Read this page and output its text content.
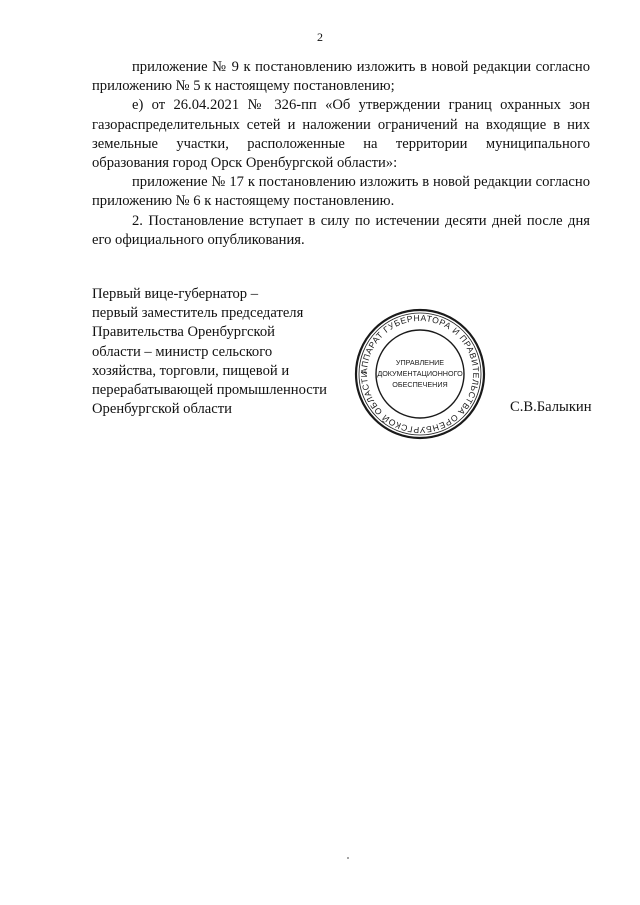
2

приложение № 9 к постановлению изложить в новой редакции согласно приложению № 5 к настоящему постановлению;

е) от 26.04.2021 № 326-пп «Об утверждении границ охранных зон газораспределительных сетей и наложении ограничений на входящие в них земельные участки, расположенные на территории муниципального образования город Орск Оренбургской области»:

приложение № 17 к постановлению изложить в новой редакции согласно приложению № 6 к настоящему постановлению.

2. Постановление вступает в силу по истечении десяти дней после дня его официального опубликования.

Первый вице-губернатор –
первый заместитель председателя
Правительства Оренбургской
области – министр сельского
хозяйства, торговли, пищевой и
перерабатывающей промышленности
Оренбургской области
АППАРАТ ГУБЕРНАТОРА И ПРАВИТЕЛЬСТВА ОРЕНБУРГСКОЙ ОБЛАСТИ
УПРАВЛЕНИЕ
ДОКУМЕНТАЦИОННОГО
ОБЕСПЕЧЕНИЯ
С.В.Балыкин
